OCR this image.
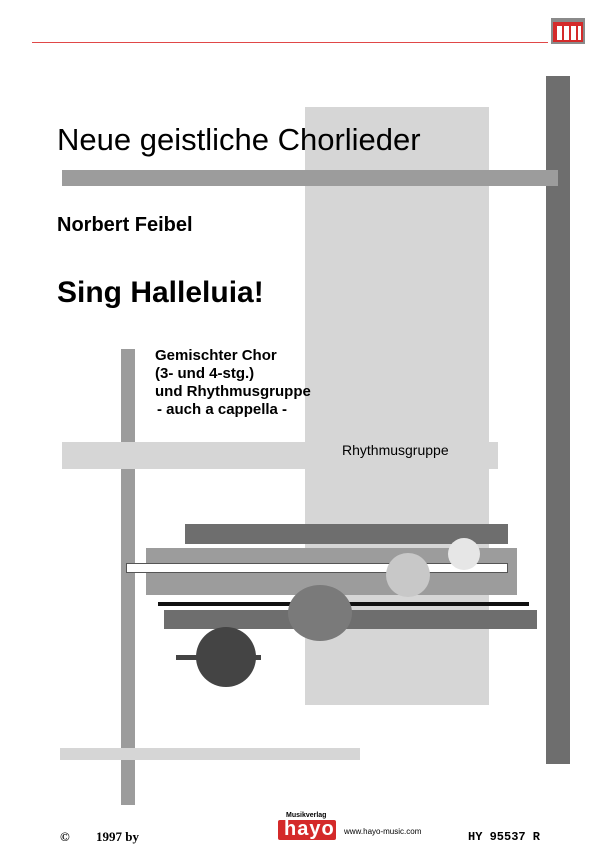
Neue geistliche Chorlieder
Norbert Feibel
Sing Halleluia!
Gemischter Chor
(3- und 4-stg.)
und Rhythmusgruppe
- auch a cappella -
Rhythmusgruppe
© 1997 by
Musikverlag
hayo www.hayo-music.com	HY 95537 R
